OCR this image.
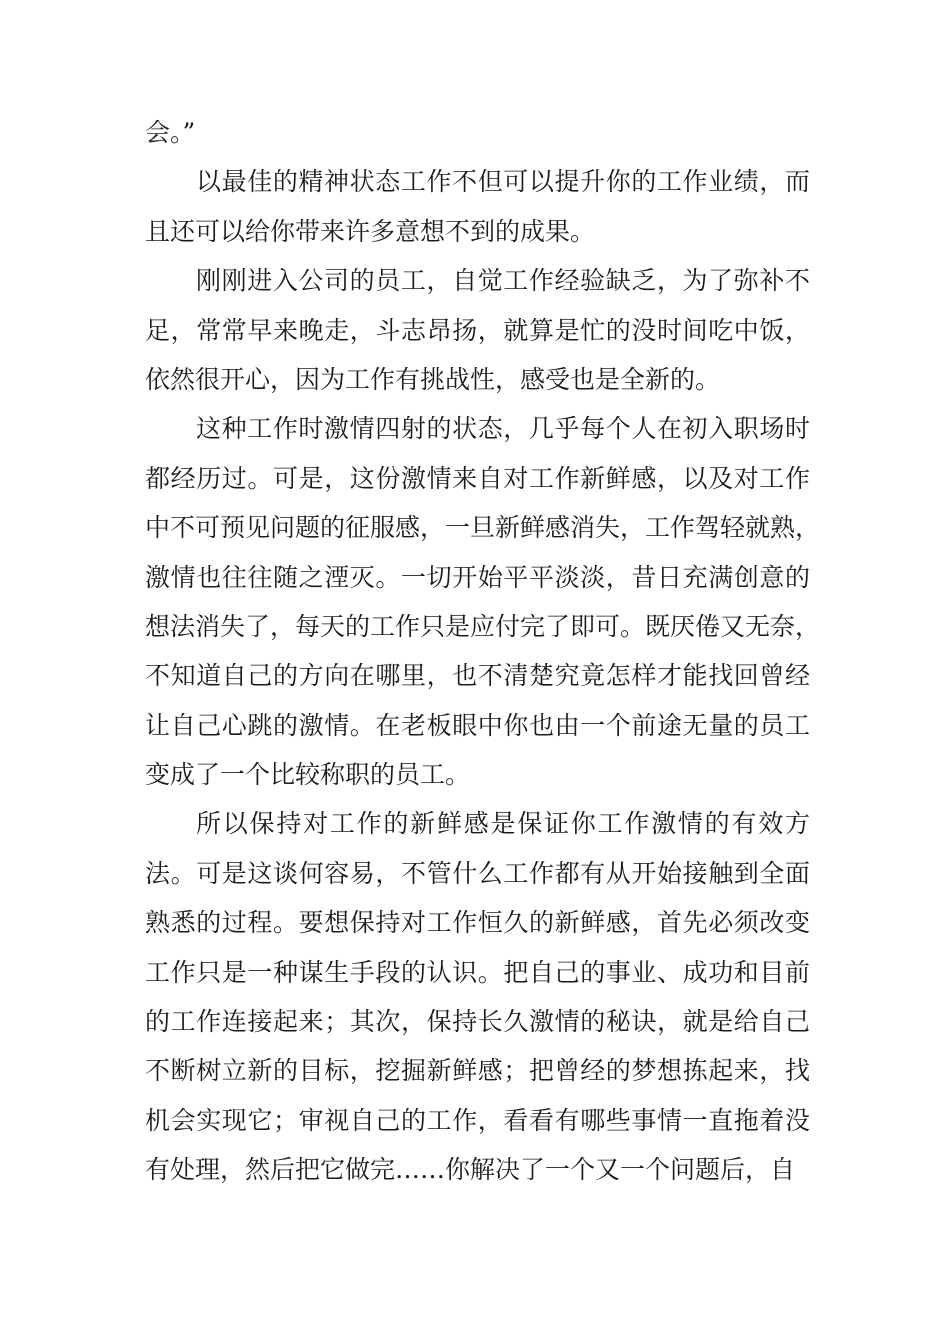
会。”
以最佳的精神状态工作不但可以提升你的工作业绩，而
且还可以给你带来许多意想不到的成果。
刚刚进入公司的员工，自觉工作经验缺乏，为了弥补不
足，常常早来晚走，斗志昂扬，就算是忙的没时间吃中饭，
依然很开心，因为工作有挑战性，感受也是全新的。
这种工作时激情四射的状态，几乎每个人在初入职场时
都经历过。可是，这份激情来自对工作新鲜感，以及对工作
中不可预见问题的征服感，一旦新鲜感消失，工作驾轻就熟，
激情也往往随之湮灭。一切开始平平淡淡，昔日充满创意的
想法消失了，每天的工作只是应付完了即可。既厌倦又无奈，
不知道自己的方向在哪里，也不清楚究竟怎样才能找回曾经
让自己心跳的激情。在老板眼中你也由一个前途无量的员工
变成了一个比较称职的员工。
所以保持对工作的新鲜感是保证你工作激情的有效方
法。可是这谈何容易，不管什么工作都有从开始接触到全面
熟悉的过程。要想保持对工作恒久的新鲜感，首先必须改变
工作只是一种谋生手段的认识。把自己的事业、成功和目前
的工作连接起来；其次，保持长久激情的秘诀，就是给自己
不断树立新的目标，挖掘新鲜感；把曾经的梦想拣起来，找
机会实现它；审视自己的工作，看看有哪些事情一直拖着没
有处理，然后把它做完……你解决了一个又一个问题后，自
